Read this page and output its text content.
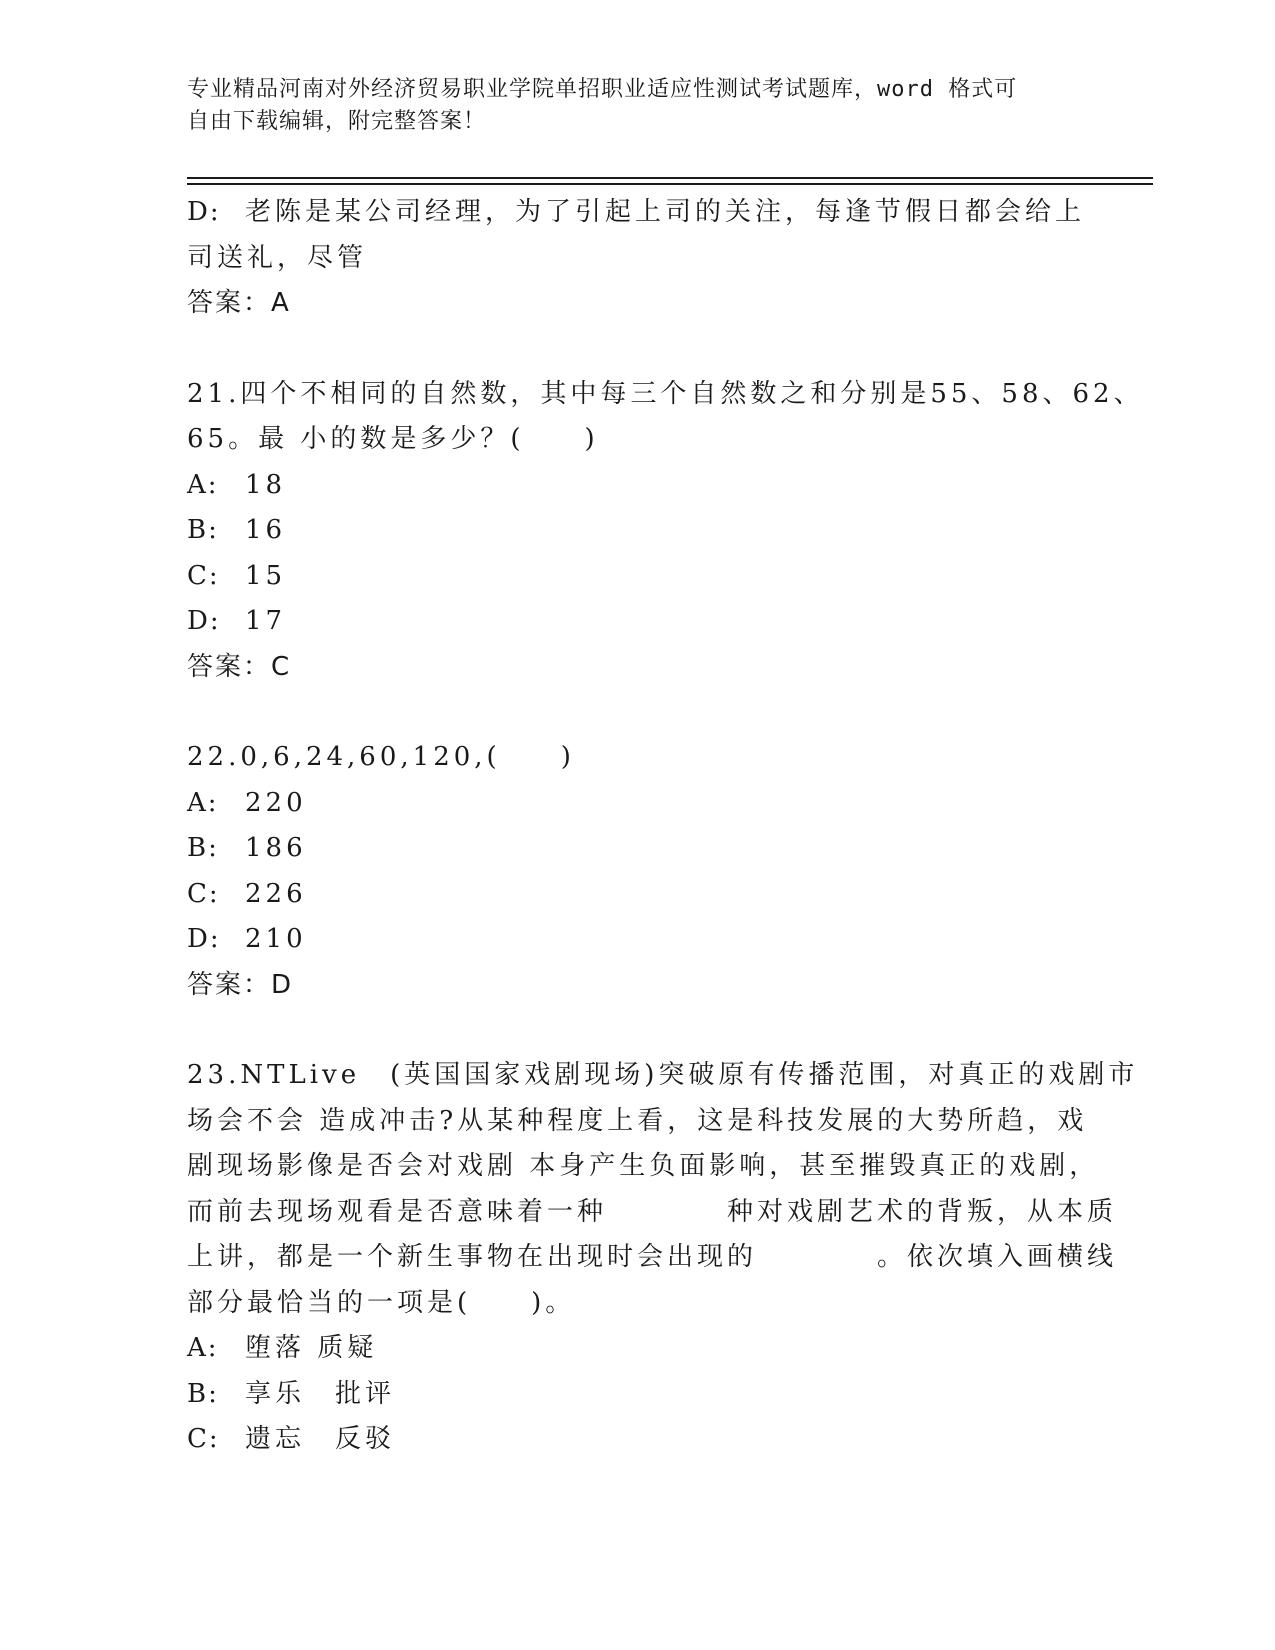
专业精品河南对外经济贸易职业学院单招职业适应性测试考试题库，word 格式可
自由下载编辑，附完整答案！
D: 老陈是某公司经理，为了引起上司的关注，每逢节假日都会给上
司送礼，尽管
答案：A
21.四个不相同的自然数，其中每三个自然数之和分别是55、58、62、
65。最 小的数是多少？(　　)
A: 18
B: 16
C: 15
D: 17
答案：C
22.0,6,24,60,120,(　　)
A: 220
B: 186
C: 226
D: 210
答案：D
23.NTLive　(英国国家戏剧现场)突破原有传播范围，对真正的戏剧市
场会不会 造成冲击?从某种程度上看，这是科技发展的大势所趋，戏
剧现场影像是否会对戏剧 本身产生负面影响，甚至摧毁真正的戏剧，
而前去现场观看是否意味着一种　　　　种对戏剧艺术的背叛，从本质
上讲，都是一个新生事物在出现时会出现的　　　　。依次填入画横线
部分最恰当的一项是(　　)。
A: 堕落 质疑
B: 享乐　批评
C: 遗忘　反驳
